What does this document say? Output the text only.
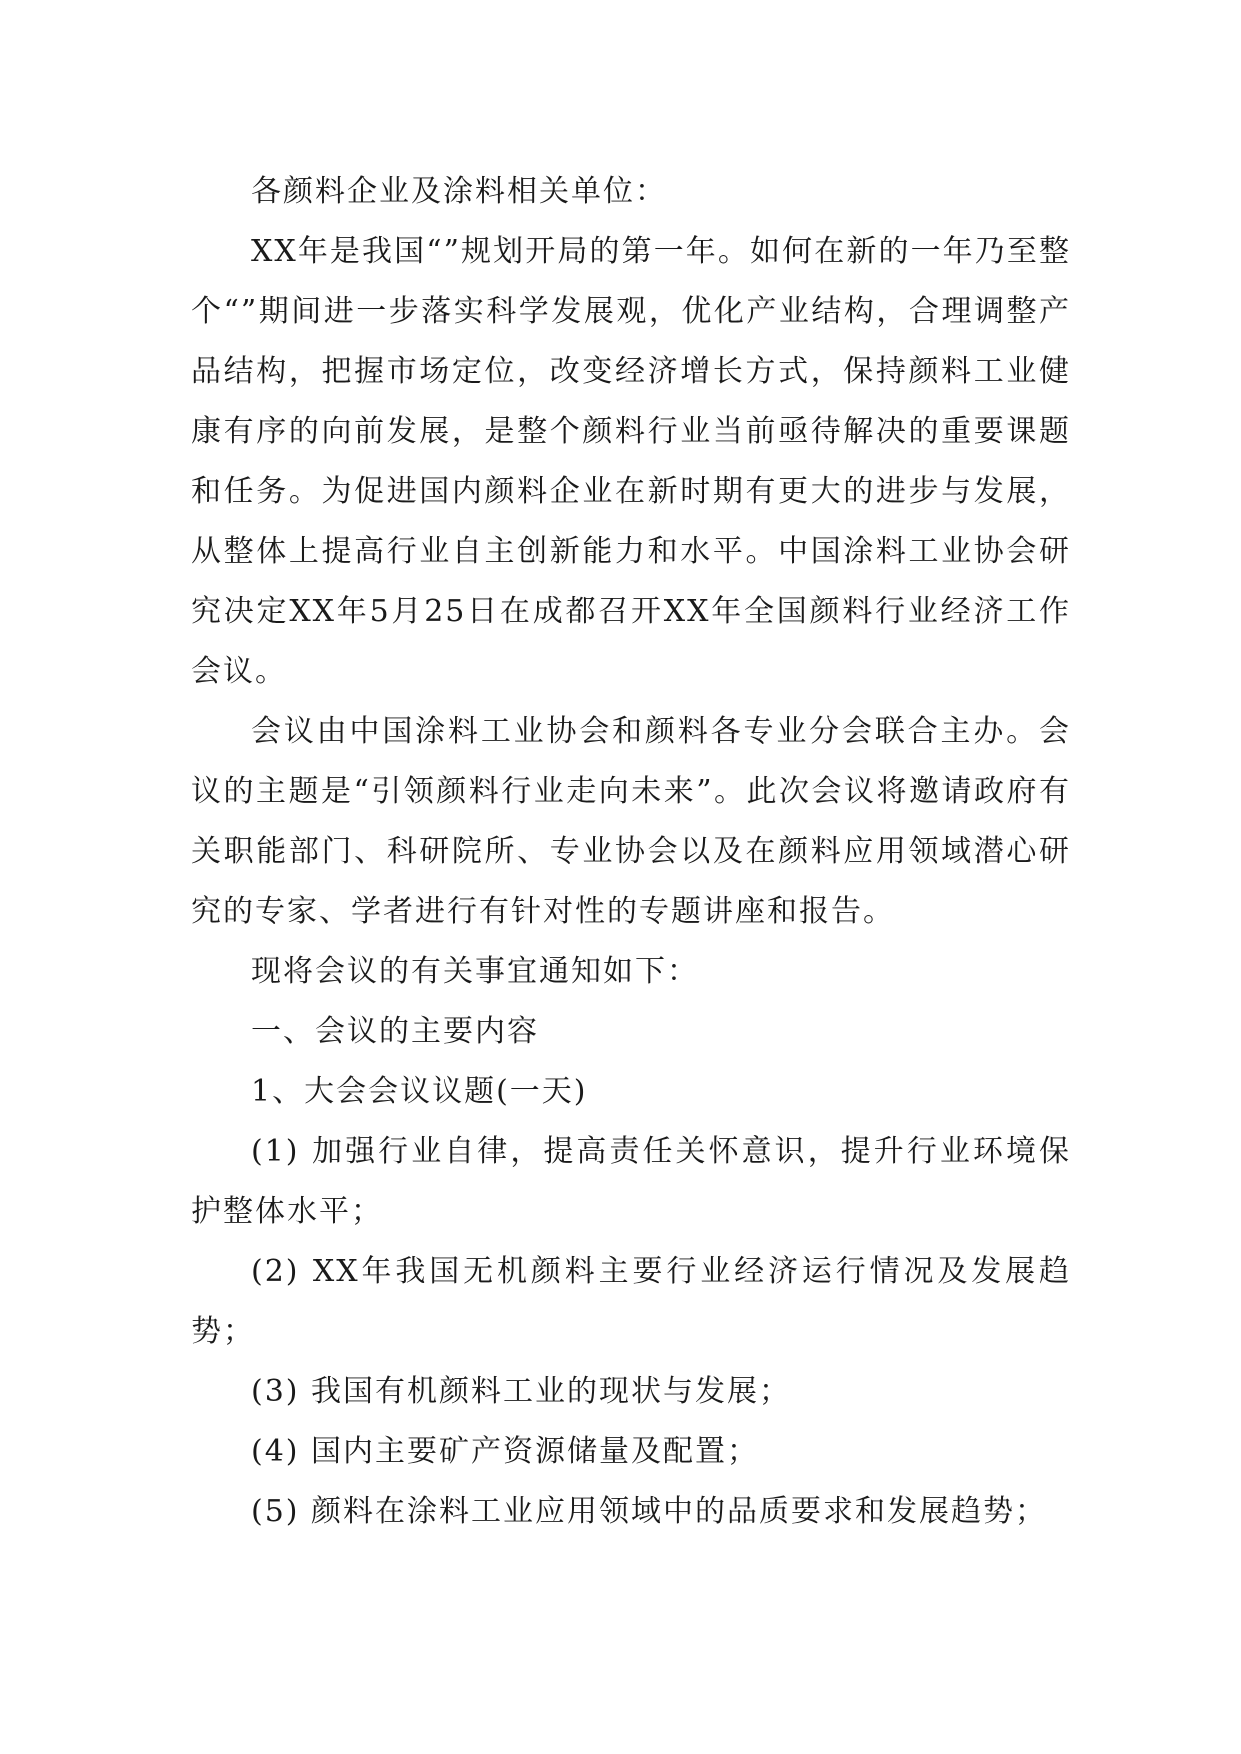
各颜料企业及涂料相关单位：

XX年是我国“”规划开局的第一年。如何在新的一年乃至整个“”期间进一步落实科学发展观，优化产业结构，合理调整产品结构，把握市场定位，改变经济增长方式，保持颜料工业健康有序的向前发展，是整个颜料行业当前亟待解决的重要课题和任务。为促进国内颜料企业在新时期有更大的进步与发展，从整体上提高行业自主创新能力和水平。中国涂料工业协会研究决定XX年5月25日在成都召开XX年全国颜料行业经济工作会议。

会议由中国涂料工业协会和颜料各专业分会联合主办。会议的主题是“引领颜料行业走向未来”。此次会议将邀请政府有关职能部门、科研院所、专业协会以及在颜料应用领域潜心研究的专家、学者进行有针对性的专题讲座和报告。

现将会议的有关事宜通知如下：

一、会议的主要内容

1、大会会议议题(一天)

(1) 加强行业自律，提高责任关怀意识，提升行业环境保护整体水平；

(2) XX年我国无机颜料主要行业经济运行情况及发展趋势；

(3) 我国有机颜料工业的现状与发展；

(4) 国内主要矿产资源储量及配置；

(5) 颜料在涂料工业应用领域中的品质要求和发展趋势；
